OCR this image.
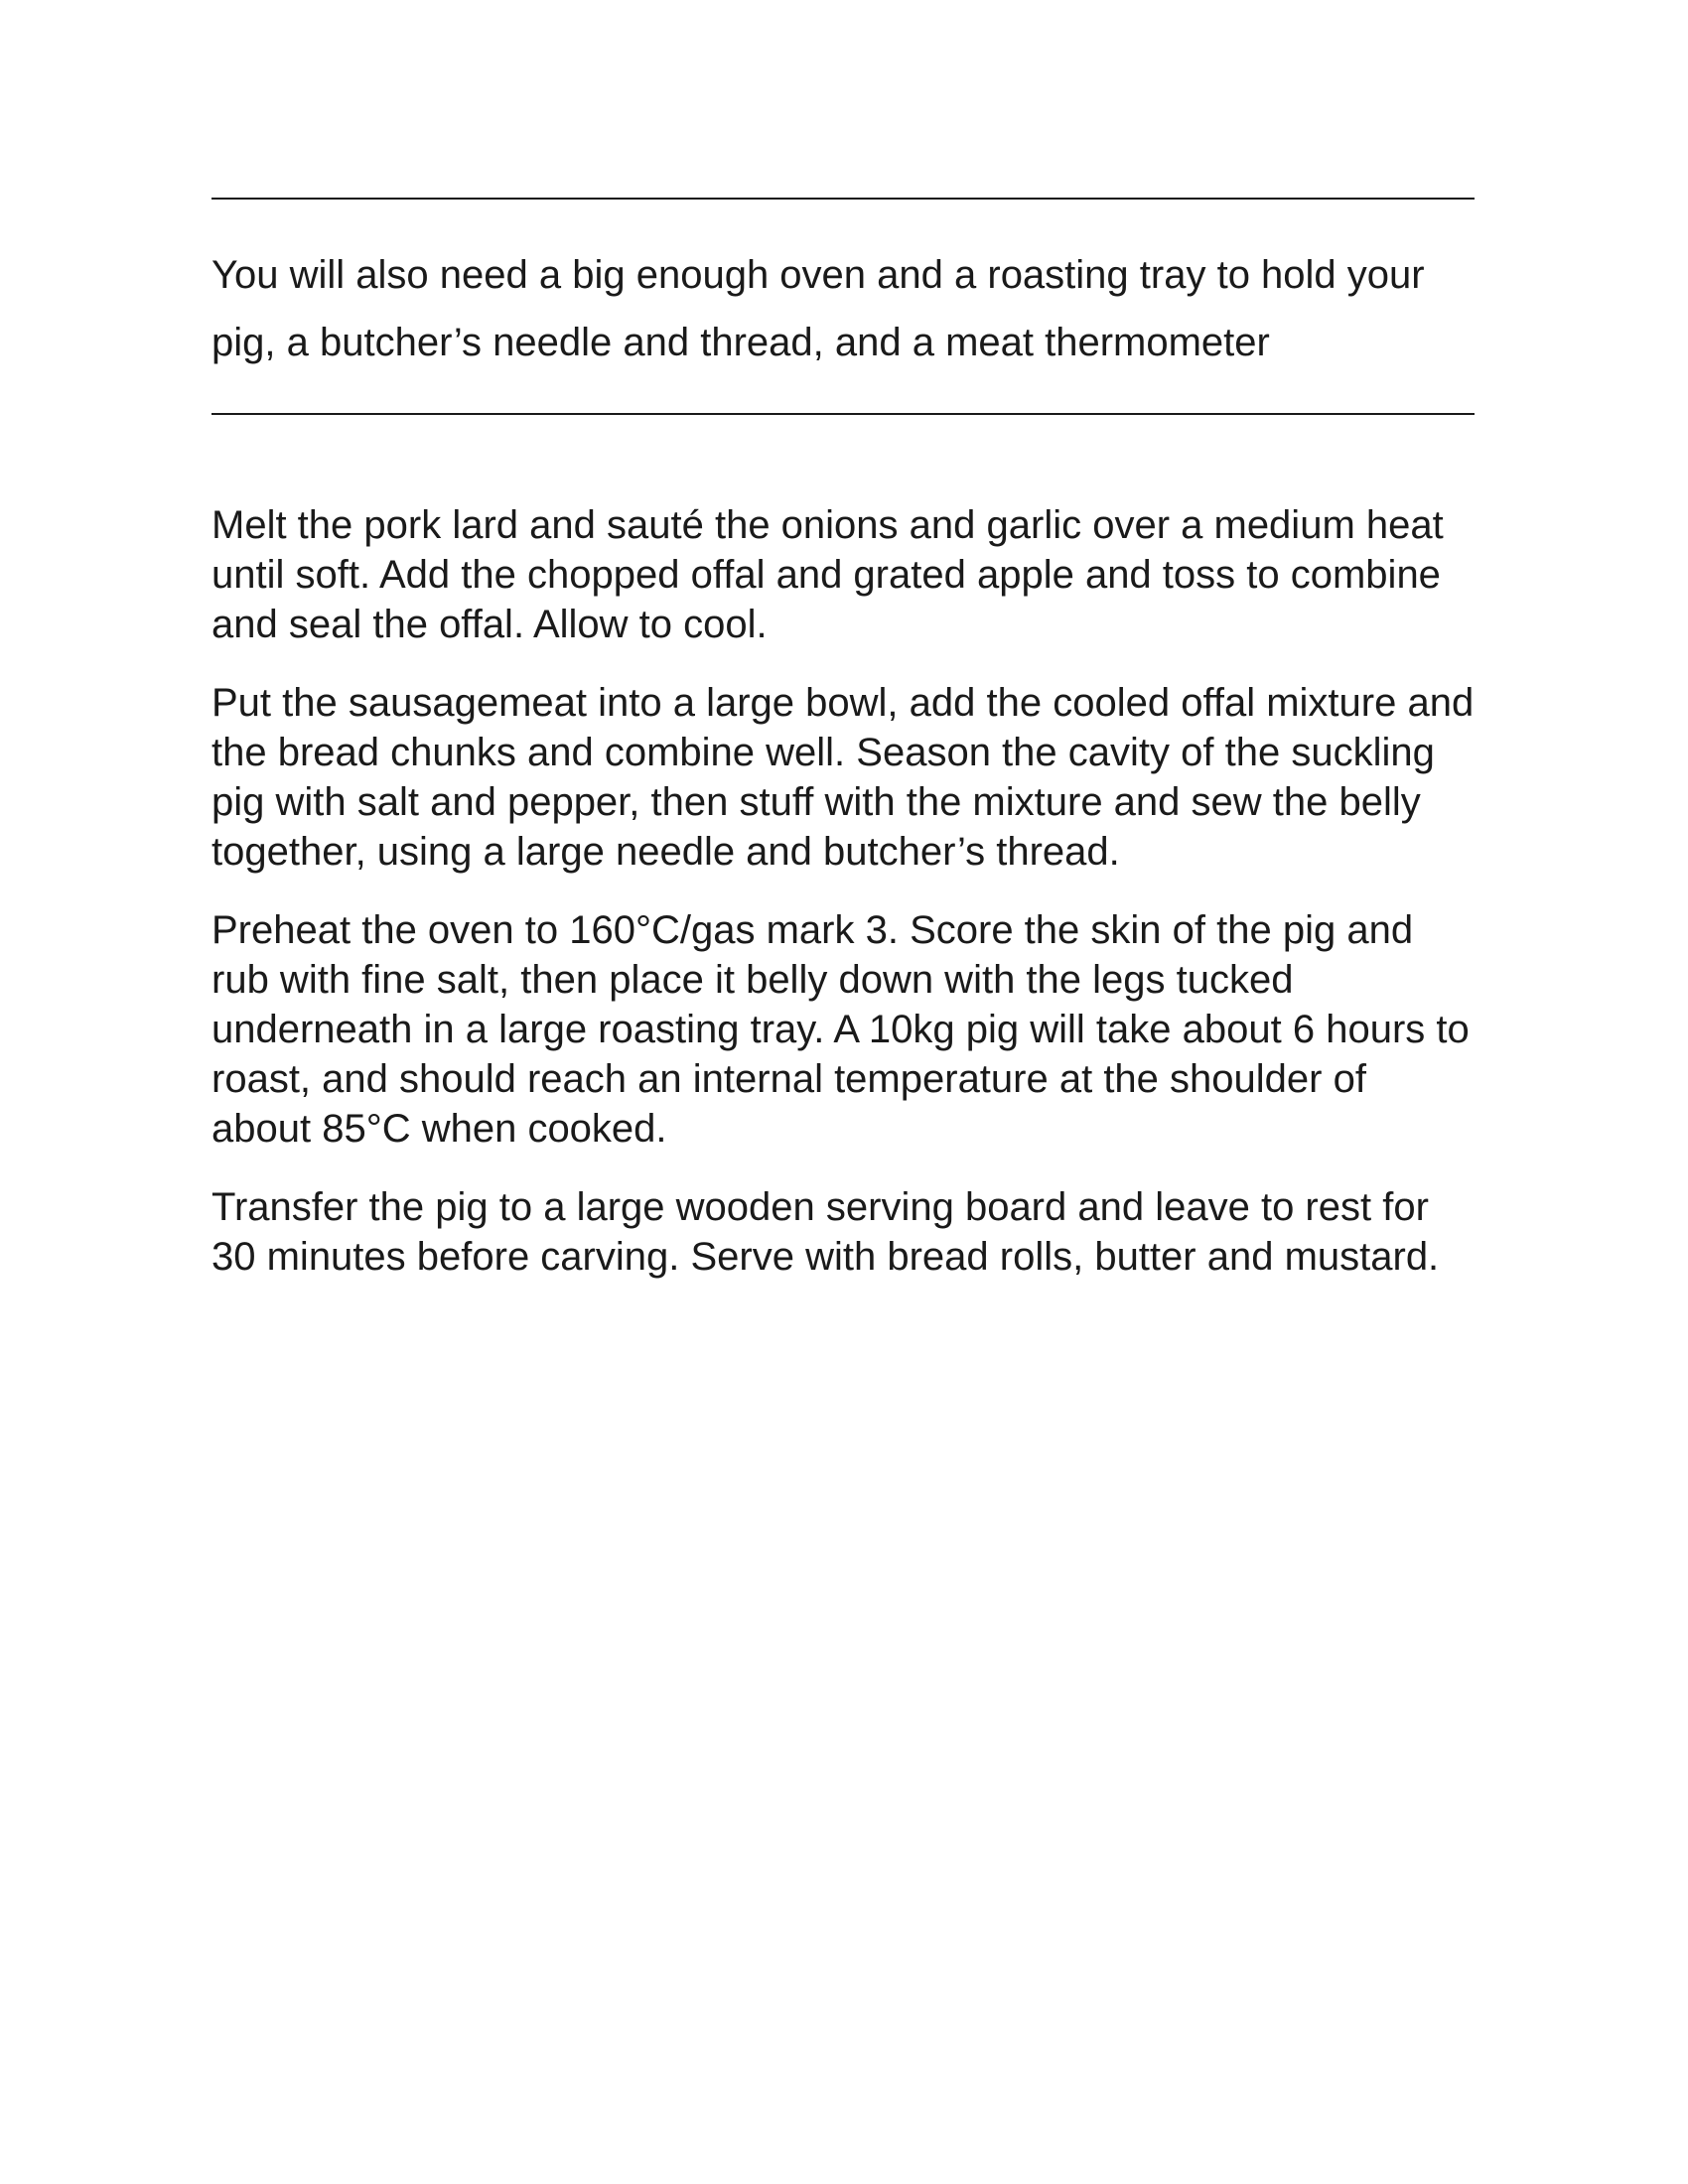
You will also need a big enough oven and a roasting tray to hold your pig, a butcher’s needle and thread, and a meat thermometer

Melt the pork lard and sauté the onions and garlic over a medium heat until soft. Add the chopped offal and grated apple and toss to combine and seal the offal. Allow to cool.

Put the sausagemeat into a large bowl, add the cooled offal mixture and the bread chunks and combine well. Season the cavity of the suckling pig with salt and pepper, then stuff with the mixture and sew the belly together, using a large needle and butcher’s thread.

Preheat the oven to 160°C/gas mark 3. Score the skin of the pig and rub with fine salt, then place it belly down with the legs tucked underneath in a large roasting tray. A 10kg pig will take about 6 hours to roast, and should reach an internal temperature at the shoulder of about 85°C when cooked.

Transfer the pig to a large wooden serving board and leave to rest for 30 minutes before carving. Serve with bread rolls, butter and mustard.
